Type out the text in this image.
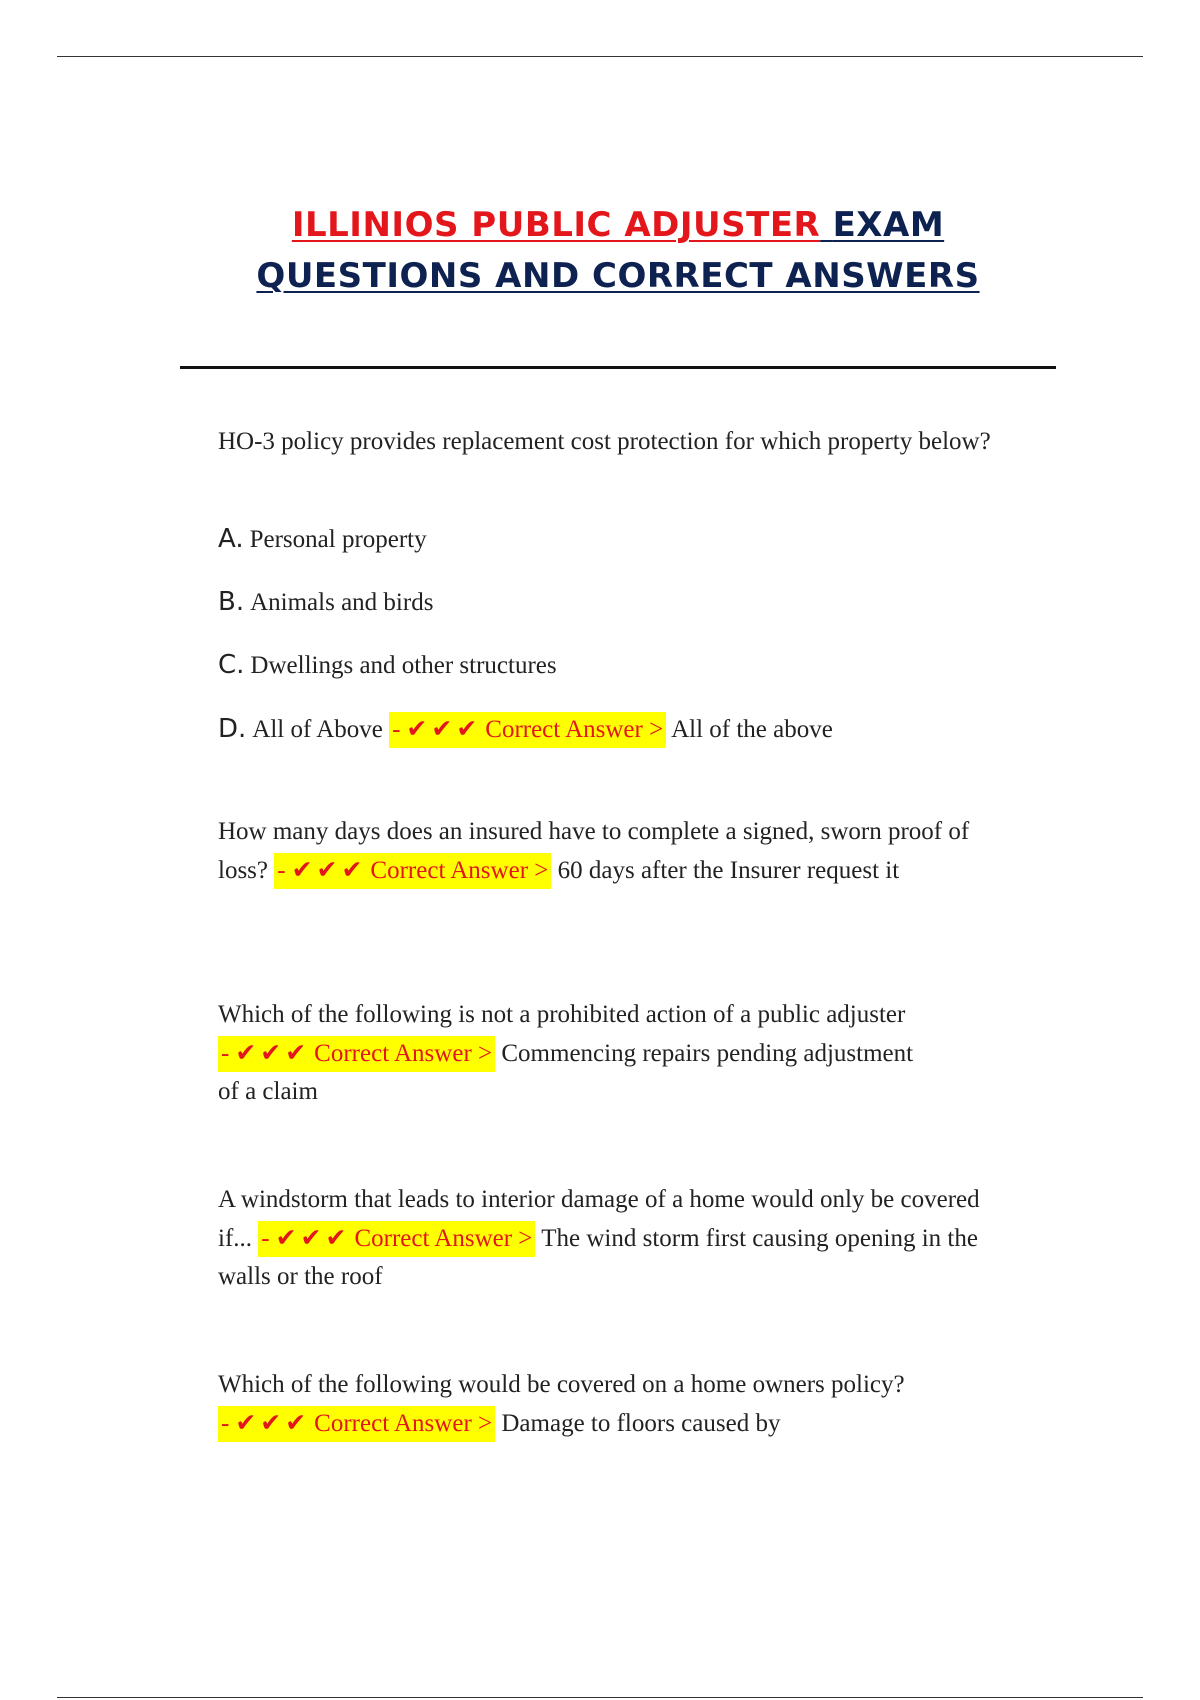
ILLINIOS PUBLIC ADJUSTER EXAM
QUESTIONS AND CORRECT ANSWERS
HO-3 policy provides replacement cost protection for which property below?
A. Personal property
B. Animals and birds
C. Dwellings and other structures
D. All of Above - ✔✔✔ Correct Answer > All of the above
How many days does an insured have to complete a signed, sworn proof of loss? - ✔✔✔ Correct Answer > 60 days after the Insurer request it
Which of the following is not a prohibited action of a public adjuster - ✔✔✔ Correct Answer > Commencing repairs pending adjustment of a claim
A windstorm that leads to interior damage of a home would only be covered if... - ✔✔✔ Correct Answer > The wind storm first causing opening in the walls or the roof
Which of the following would be covered on a home owners policy? - ✔✔✔ Correct Answer > Damage to floors caused by
